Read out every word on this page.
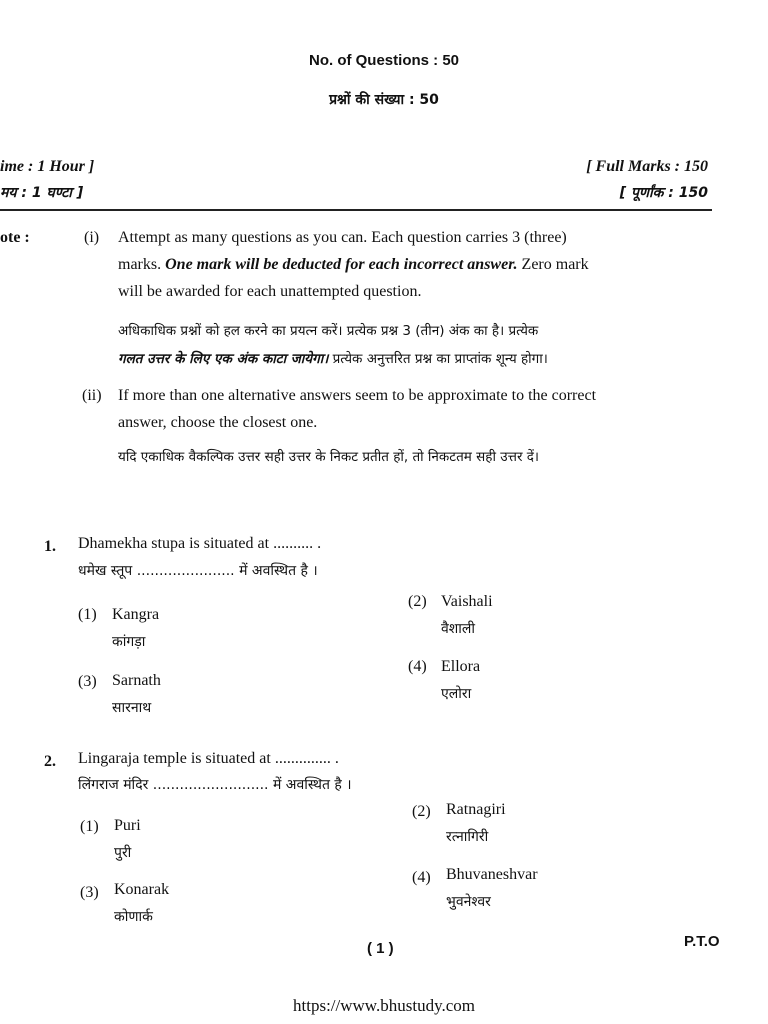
No. of Questions : 50
प्रश्नों की संख्या : 50
ime : 1 Hour ]
मय : 1 घण्टा ]
[ Full Marks : 150
[ पूर्णांक : 150
ote :	(i) Attempt as many questions as you can. Each question carries 3 (three)
marks. One mark will be deducted for each incorrect answer. Zero mark
will be awarded for each unattempted question.
अधिकाधिक प्रश्नों को हल करने का प्रयत्न करें। प्रत्येक प्रश्न 3 (तीन) अंक का है। प्रत्येक
गलत उत्तर के लिए एक अंक काटा जायेगा। प्रत्येक अनुत्तरित प्रश्न का प्राप्तांक शून्य होगा।
(ii) If more than one alternative answers seem to be approximate to the correct
answer, choose the closest one.
यदि एकाधिक वैकल्पिक उत्तर सही उत्तर के निकट प्रतीत हों, तो निकटतम सही उत्तर दें।
1. Dhamekha stupa is situated at .......... .
धमेख स्तूप ...................... में अवस्थित है ।
(1) Kangra
कांगड़ा
(2) Vaishali
वैशाली
(3) Sarnath
सारनाथ
(4) Ellora
एलोरा
2. Lingaraja temple is situated at .............. .
लिंगराज मंदिर .......................... में अवस्थित है ।
(1) Puri
पुरी
(2) Ratnagiri
रत्नागिरी
(3) Konarak
कोणार्क
(4) Bhuvaneshvar
भुवनेश्वर
( 1 )	P.T.O
https://www.bhustudy.com
